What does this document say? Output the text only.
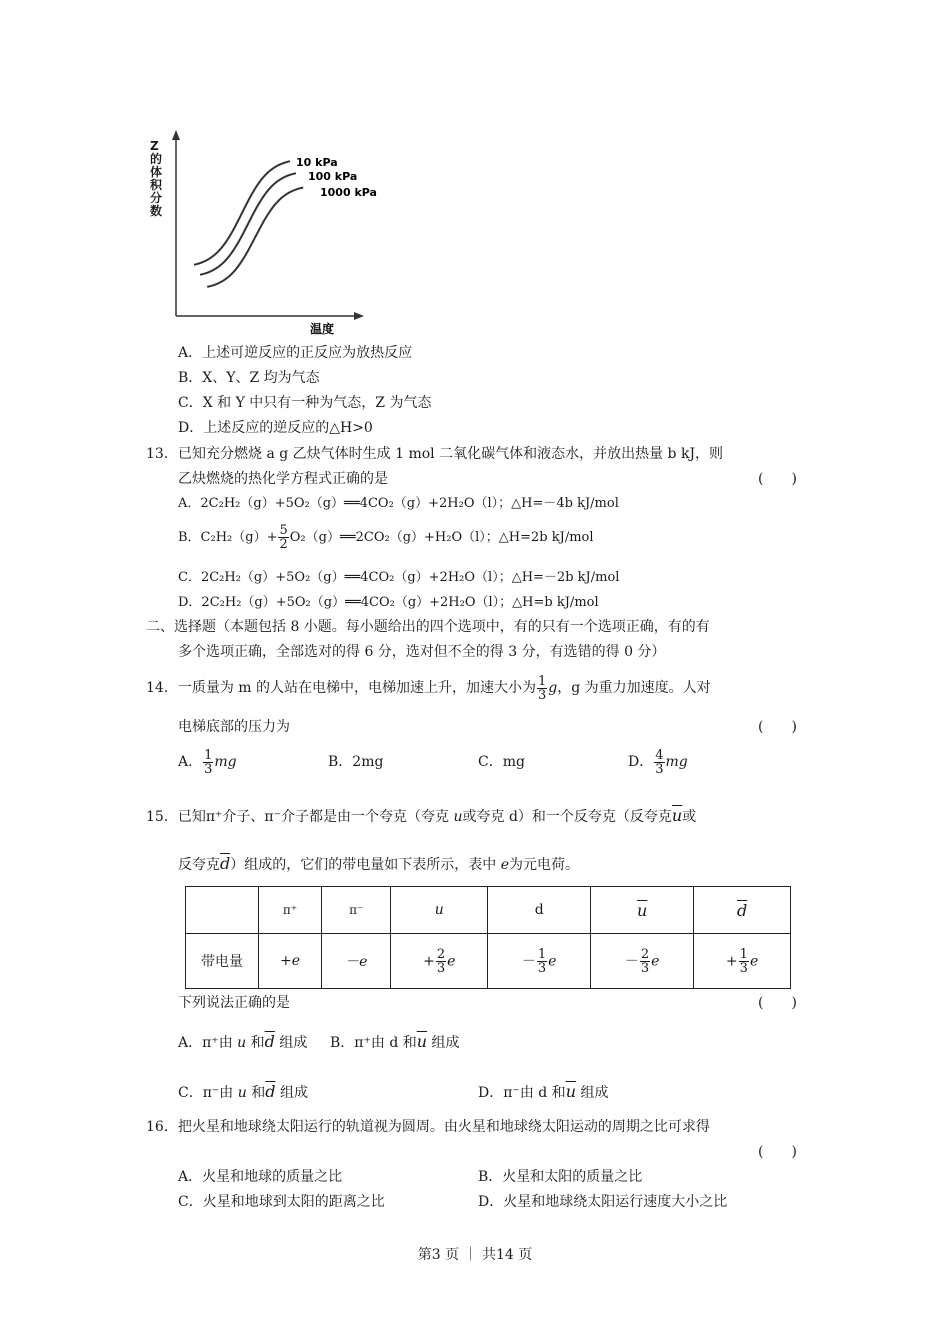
10 kPa
100 kPa
1000 kPa
温度
Z的体积分数
A．上述可逆反应的正反应为放热反应
B．X、Y、Z 均为气态
C．X 和 Y 中只有一种为气态，Z 为气态
D．上述反应的逆反应的△H>0
13． 已知充分燃烧 a g 乙炔气体时生成 1 mol 二氧化碳气体和液态水，并放出热量 b kJ，则
乙炔燃烧的热化学方程式正确的是	(　　)
A．2C₂H₂（g）+5O₂（g）══4CO₂（g）+2H₂O（l）；△H=－4b kJ/mol
B．$C_2H_2(g)+ \frac{5}{2}$ O₂（g）══2CO₂（g）+H₂O（l）；△H=2b kJ/mol
C．2C₂H₂（g）+5O₂（g）══4CO₂（g）+2H₂O（l）；△H=－2b kJ/mol
D．2C₂H₂（g）+5O₂（g）══4CO₂（g）+2H₂O（l）；△H=b kJ/mol
二、选择题（本题包括 8 小题。每小题给出的四个选项中，有的只有一个选项正确，有的有
多个选项正确，全部选对的得 6 分，选对但不全的得 3 分，有选错的得 0 分）
14．一质量为 m 的人站在电梯中，电梯加速上升，加速大小为 $\frac{1}{3}$ g，g 为重力加速度。人对
电梯底部的压力为	(　　)
A． $\frac{1}{3}$ mg	B．2mg	C．mg	D． $\frac{4}{3}$ mg
15．已知π⁺介子、π⁻介子都是由一个夸克（夸克 u或夸克 d）和一个反夸克（反夸克$\overline{u}$或
反夸克$\overline{d}$）组成的，它们的带电量如下表所示，表中 e为元电荷。
	π⁺	π⁻	u	d	$\overline{u}$	$\overline{d}$
带电量	+e	－e	+ $\frac{2}{3}$ e	－ $\frac{1}{3}$ e	－ $\frac{2}{3}$ e	+ $\frac{1}{3}$ e
下列说法正确的是	(　　)
A．π⁺由 u 和$\overline{d}$ 组成 B．π⁺由 d 和$\overline{u}$ 组成
C．π⁻由 u 和$\overline{d}$ 组成	D．π⁻由 d 和$\overline{u}$ 组成
16．把火星和地球绕太阳运行的轨道视为圆周。由火星和地球绕太阳运动的周期之比可求得
(　　)
A．火星和地球的质量之比	B．火星和太阳的质量之比
C．火星和地球到太阳的距离之比	D．火星和地球绕太阳运行速度大小之比
第3 页 ｜ 共14 页
